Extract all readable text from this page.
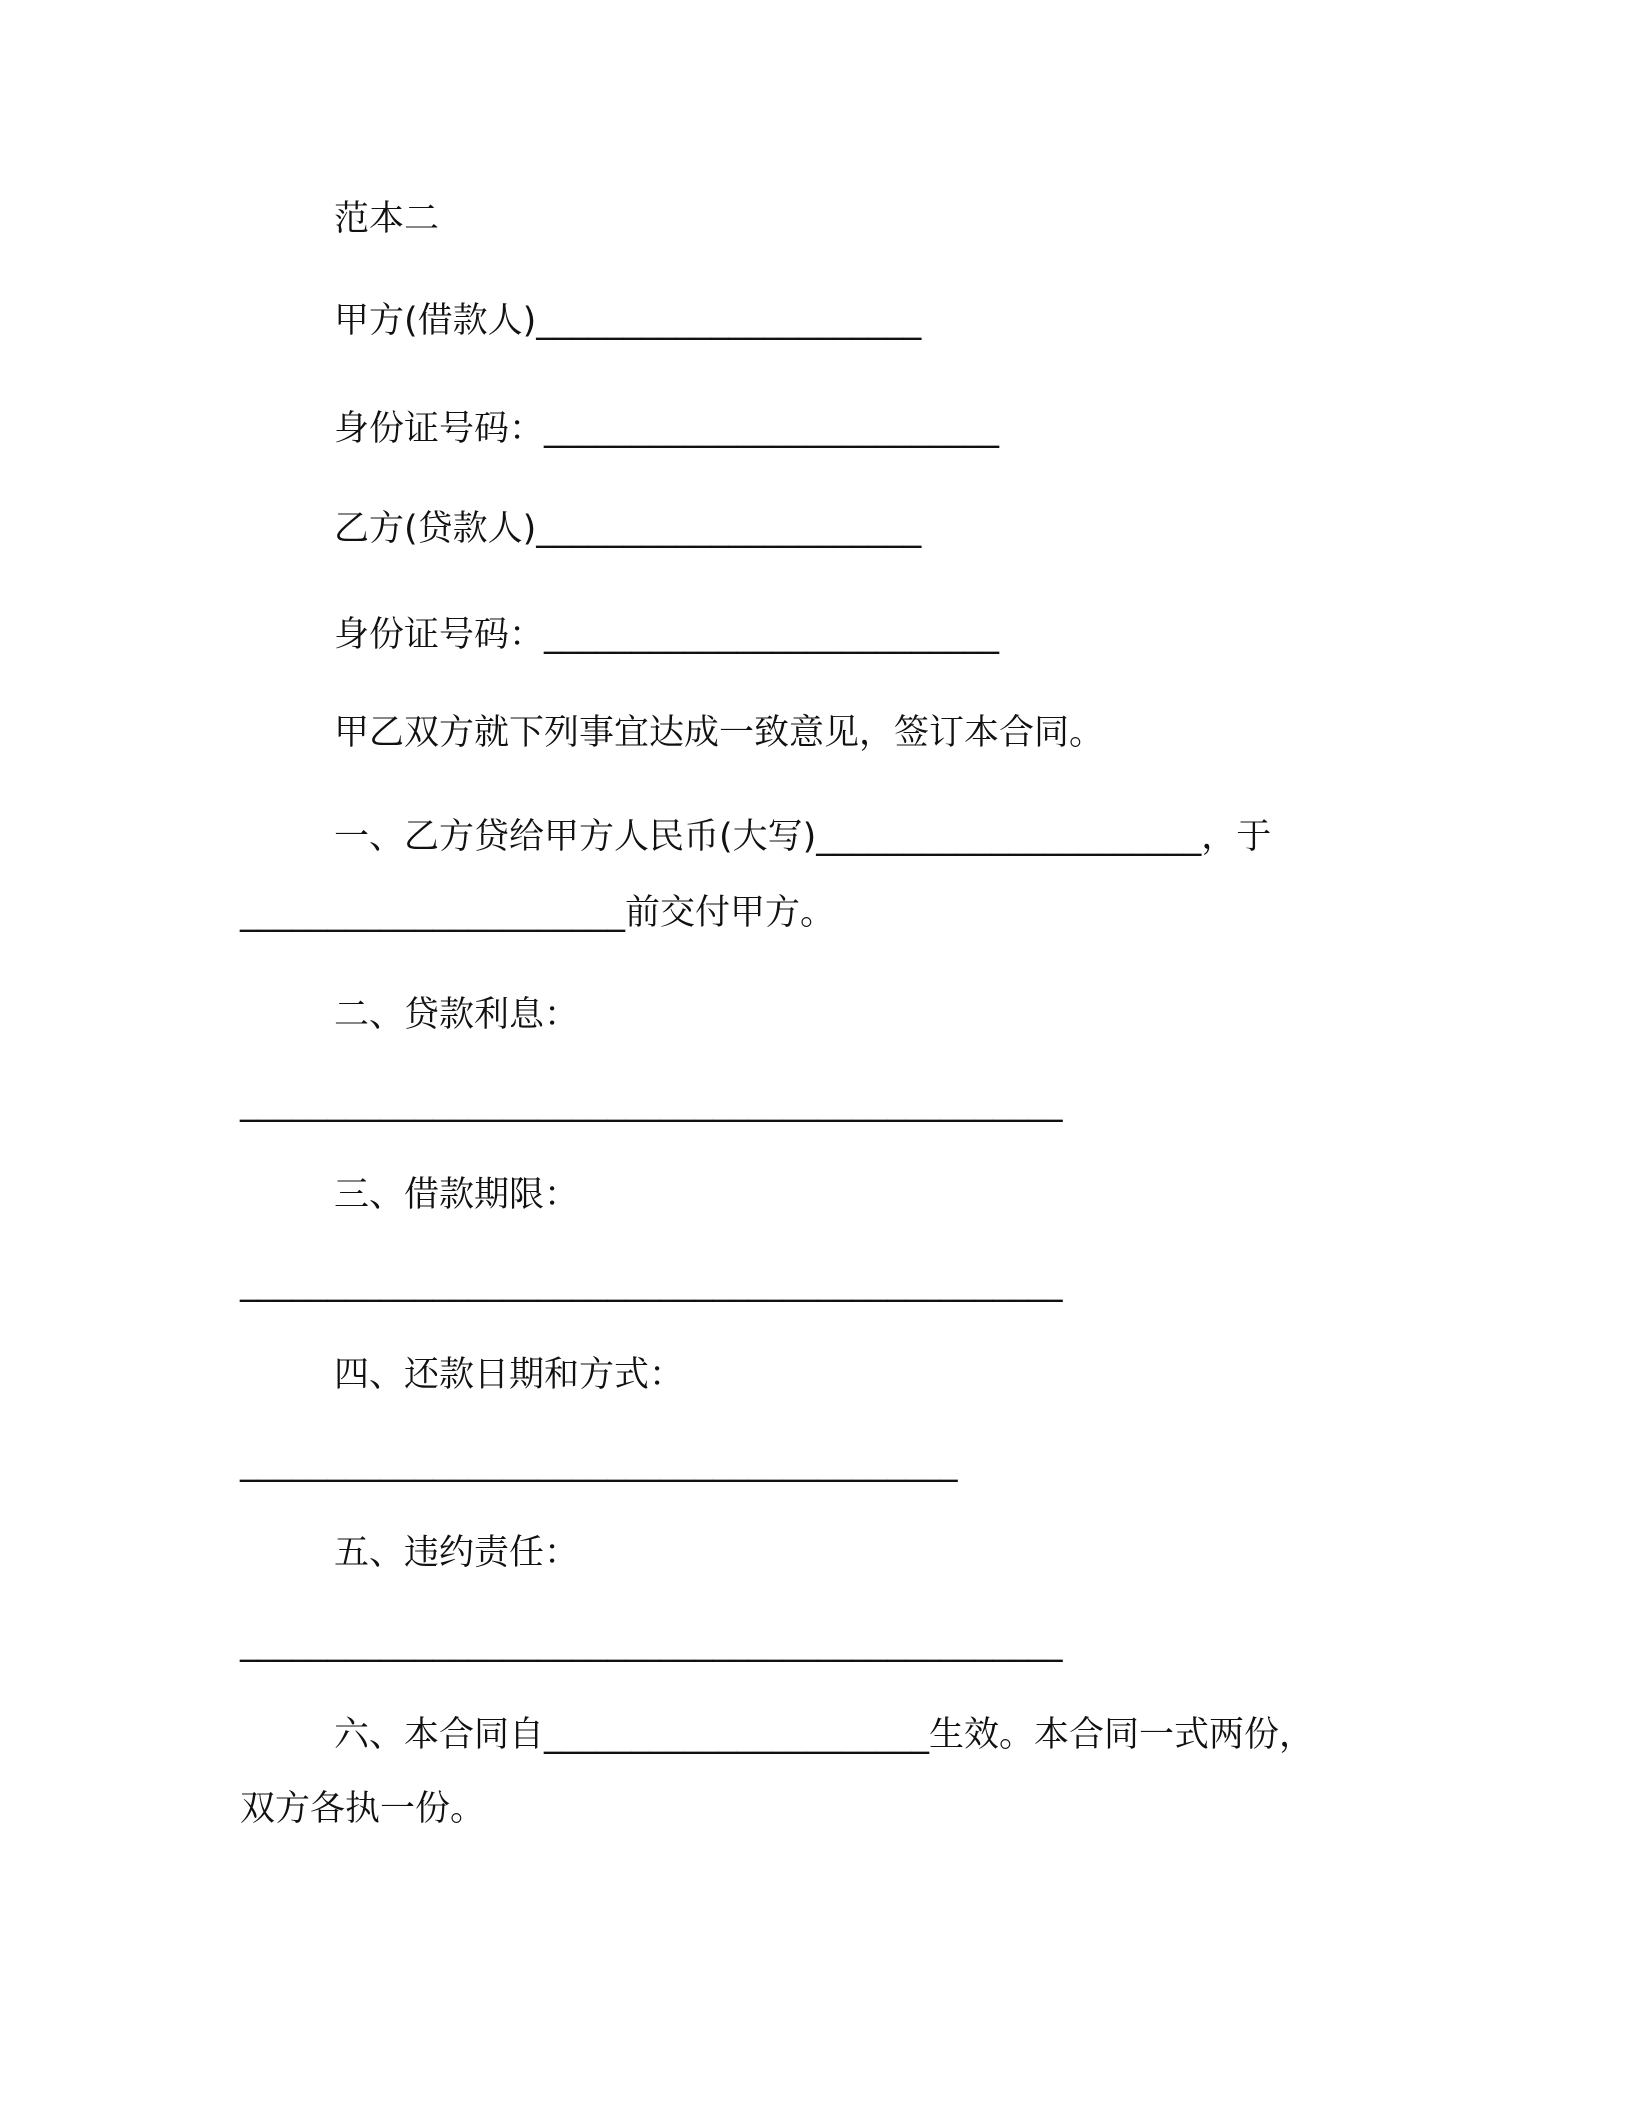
范本二
甲方(借款人)______________________
身份证号码：__________________________
乙方(贷款人)______________________
身份证号码：__________________________
甲乙双方就下列事宜达成一致意见，签订本合同。
一、乙方贷给甲方人民币(大写)______________________，于
______________________前交付甲方。
二、贷款利息：
_______________________________________________
三、借款期限：
_______________________________________________
四、还款日期和方式：
_________________________________________
五、违约责任：
_______________________________________________
六、本合同自______________________生效。本合同一式两份，
双方各执一份。
